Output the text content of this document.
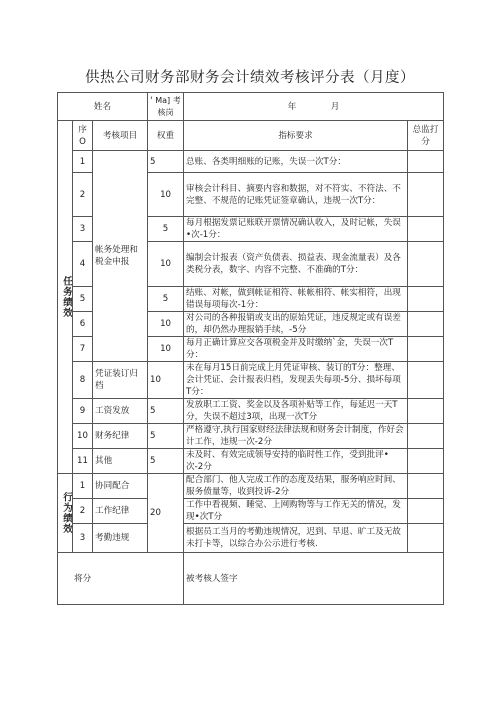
供热公司财务部财务会计绩效考核评分表（月度）
姓名			' Ma] 考核岗	年　　　　月	

任务绩效	序O	考核项目	权重	指标要求	总监打分
	1	帐务处理和税金申报	5	总账、各类明细账的记账，失误一次T分：	
	2		10	审核会计科目、摘要内容和数据，对不符实、不符法、不完整、不规范的记账凭证签章确认，违规一次T分：	
	3		5	每月根据发票记账联开票情况确认收入，及时记帐，失误•次-1分：	
	4		10	编制会计报表（资产负债表、损益表、现金流量表）及各类税分表，数字、内容不完整、不准确的T分：	
	5		5	结账、对帐，做到帐证相符、帐帐相符、帐实相符，出现错误每项每次-1分：	
	6		10	对公司的各种报销或支出的原始凭证，违反规定或有误差的，却仍然办理报销手续，-5分	
	7		10	每月正确计算应交各项税金并及时缴纳`金，失误一次T分：	
	8	凭证装订归档	10	未在每月15日前完成上月凭证审核、装订的T分：整理、会计凭证、会计报表归档，发现丢失每项-5分、损坏每项T分：	
	9	工资发放	5	发放职工工资、奖金以及各项补贴等工作，每延迟一天T分，失误不超过3项，出现一次T分	
	10	财务纪律	5	严格遵守,执行国家财经法律法规和财务会计制度，作好会计工作，违规一次-2分	
	11	其他	5	未及时、有效完成领导安持的临时性工作，受到批评•次-2分	

行为绩效	1	协同配合	20	配合部门、他人完成工作的态度及结果，服务响应时间、服务偾量等，收到投诉-2分	
	2	工作纪律		工作中看视频、睡觉、上网购物等与工作无关的情况，发现•次T分	
	3	考勤违规		根据员工当月的考勤违规情况，迟到、早退、旷工及无故未打卡等，以综合办公示进行考核.	
将分				被考核人签字	
